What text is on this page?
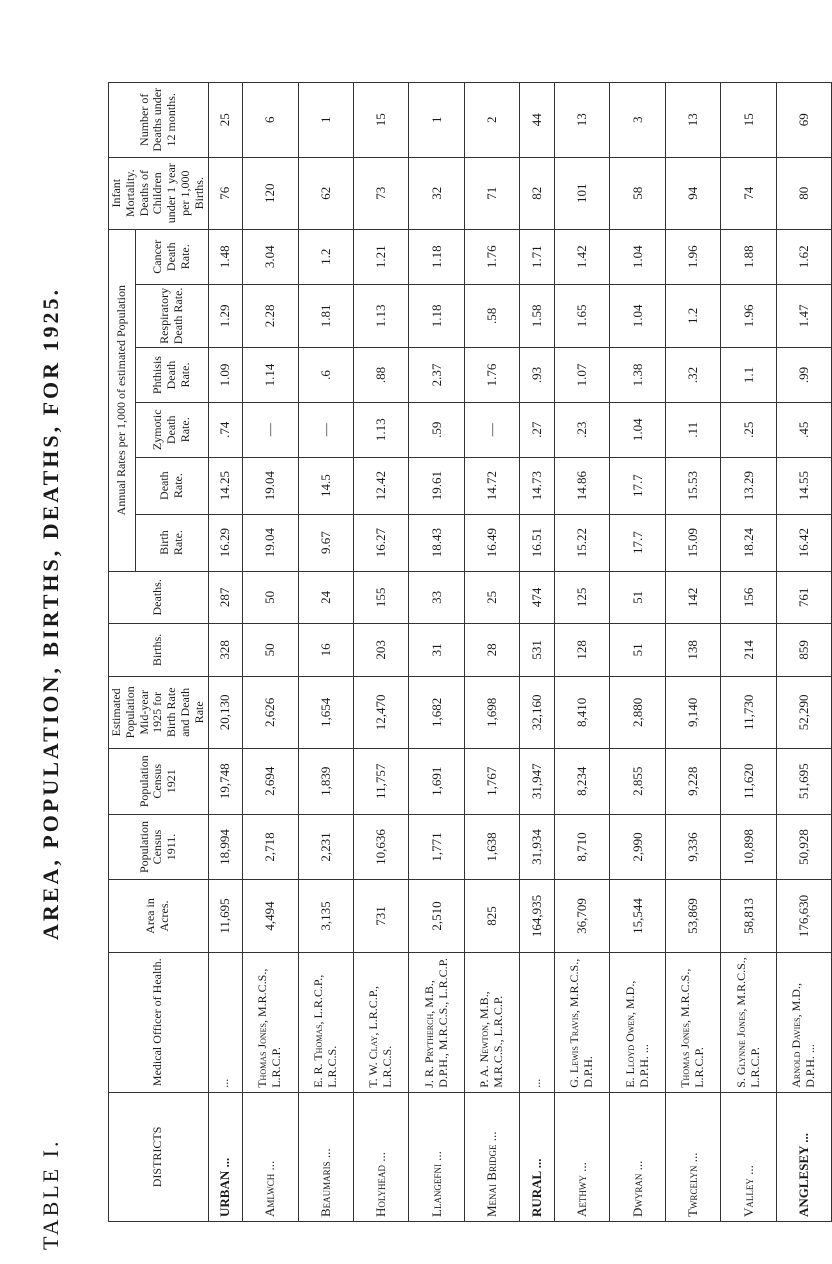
TABLE I.
AREA, POPULATION, BIRTHS, DEATHS, FOR 1925.
DISTRICTS	Medical Officer of Health.	Area in Acres.	Population Census 1911.	Population Census 1921	Estimated Population Mid-year 1925 for Birth Rate and Death Rate	Births.	Deaths.	Annual Rates per 1,000 of estimated Population						Infant Mortality. Deaths of Children under 1 year per 1,000 Births.	Number of Deaths under 12 months.
								Birth Rate.	Death Rate.	Zymotic Death Rate.	Phthisis Death Rate.	Respiratory Death Rate.	Cancer Death Rate.		
URBAN ...	...	11,695	18,994	19,748	20,130	328	287	16.29	14.25	.74	1.09	1.29	1.48	76	25
Amlwch ...	Thomas Jones, M.R.C.S., L.R.C.P.	4,494	2,718	2,694	2,626	50	50	19.04	19.04	—	1.14	2.28	3.04	120	6
Beaumaris ...	E. R. Thomas, L.R.C.P., L.R.C.S.	3,135	2,231	1,839	1,654	16	24	9.67	14.5	—	.6	1.81	1.2	62	1
Holyhead ...	T. W. Clay, L.R.C.P., L.R.C.S.	731	10,636	11,757	12,470	203	155	16.27	12.42	1.13	.88	1.13	1.21	73	15
Llangefni ...	J. R. Prytherch, M.B., D.P.H., M.R.C.S., L.R.C.P.	2,510	1,771	1,691	1,682	31	33	18.43	19.61	.59	2.37	1.18	1.18	32	1
Menai Bridge ...	P. A. Newton, M.B., M.R.C.S., L.R.C.P.	825	1,638	1,767	1,698	28	25	16.49	14.72	—	1.76	.58	1.76	71	2
RURAL ...	...	164,935	31,934	31,947	32,160	531	474	16.51	14.73	.27	.93	1.58	1.71	82	44
Aethwy ...	G. Lewis Travis, M.R.C.S., D.P.H.	36,709	8,710	8,234	8,410	128	125	15.22	14.86	.23	1.07	1.65	1.42	101	13
Dwyran ...	E. Lloyd Owen, M.D., D.P.H. ...	15,544	2,990	2,855	2,880	51	51	17.7	17.7	1.04	1.38	1.04	1.04	58	3
Twrcelyn ...	Thomas Jones, M.R.C.S., L.R.C.P.	53,869	9,336	9,228	9,140	138	142	15.09	15.53	.11	.32	1.2	1.96	94	13
Valley ...	S. Glynne Jones, M.R.C.S., L.R.C.P.	58,813	10,898	11,620	11,730	214	156	18.24	13.29	.25	1.1	1.96	1.88	74	15
ANGLESEY ...	Arnold Davies, M.D., D.P.H. ...	176,630	50,928	51,695	52,290	859	761	16.42	14.55	.45	.99	1.47	1.62	80	69
